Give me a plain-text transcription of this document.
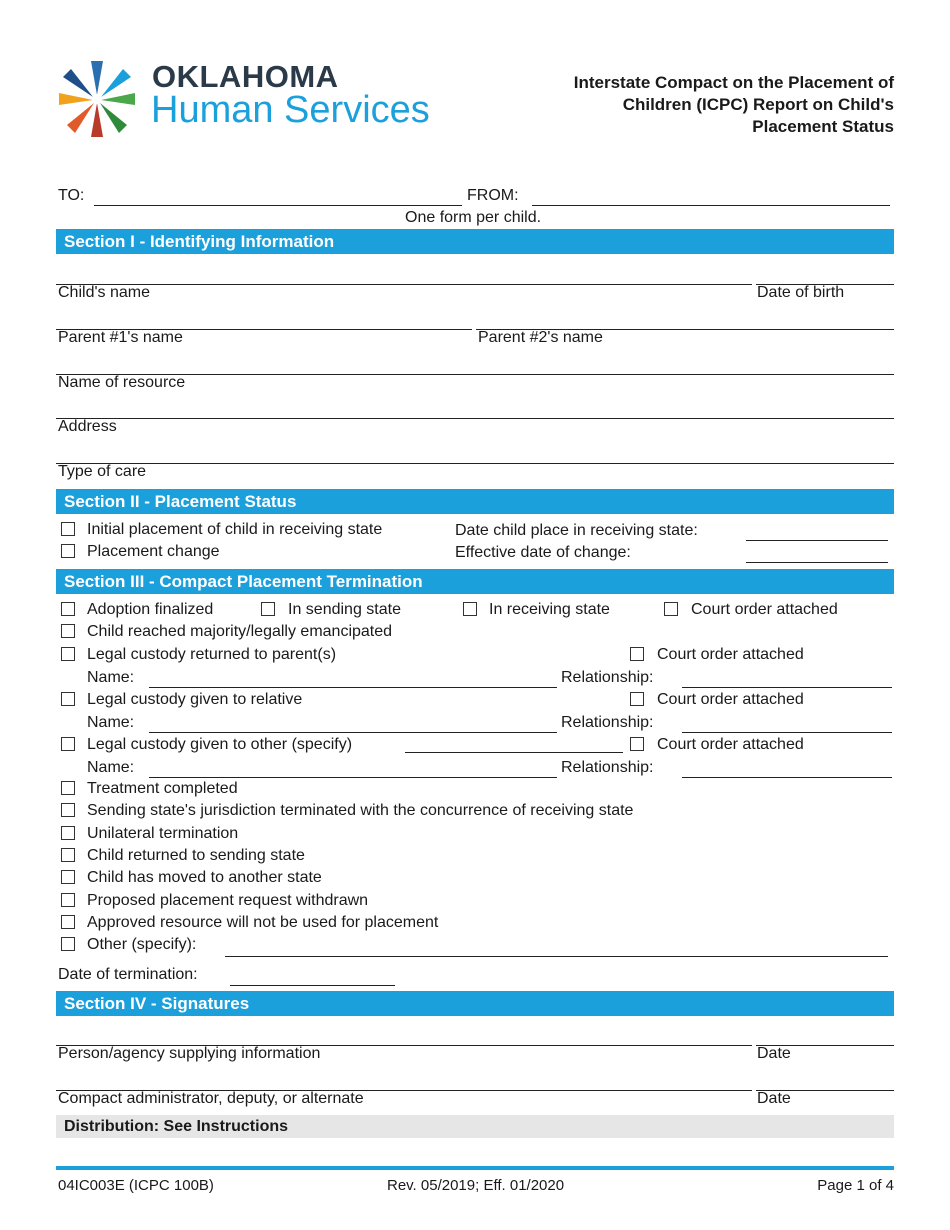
OKLAHOMA
Human Services
Interstate Compact on the Placement of
Children (ICPC) Report on Child's
Placement Status
TO:	FROM:
One form per child.
Section I - Identifying Information
Child's name	Date of birth
Parent #1's name	Parent #2's name
Name of resource
Address
Type of care
Section II - Placement Status
Initial placement of child in receiving state	Date child place in receiving state:
Placement change	Effective date of change:
Section III - Compact Placement Termination
Adoption finalized	In sending state	In receiving state	Court order attached
Child reached majority/legally emancipated
Legal custody returned to parent(s)	Court order attached
Name:	Relationship:
Legal custody given to relative	Court order attached
Name:	Relationship:
Legal custody given to other (specify)	Court order attached
Name:	Relationship:
Treatment completed
Sending state's jurisdiction terminated with the concurrence of receiving state
Unilateral termination
Child returned to sending state
Child has moved to another state
Proposed placement request withdrawn
Approved resource will not be used for placement
Other (specify):
Date of termination:
Section IV - Signatures
Person/agency supplying information	Date
Compact administrator, deputy, or alternate	Date
Distribution: See Instructions
04IC003E (ICPC 100B)	Rev. 05/2019; Eff. 01/2020	Page 1 of 4
